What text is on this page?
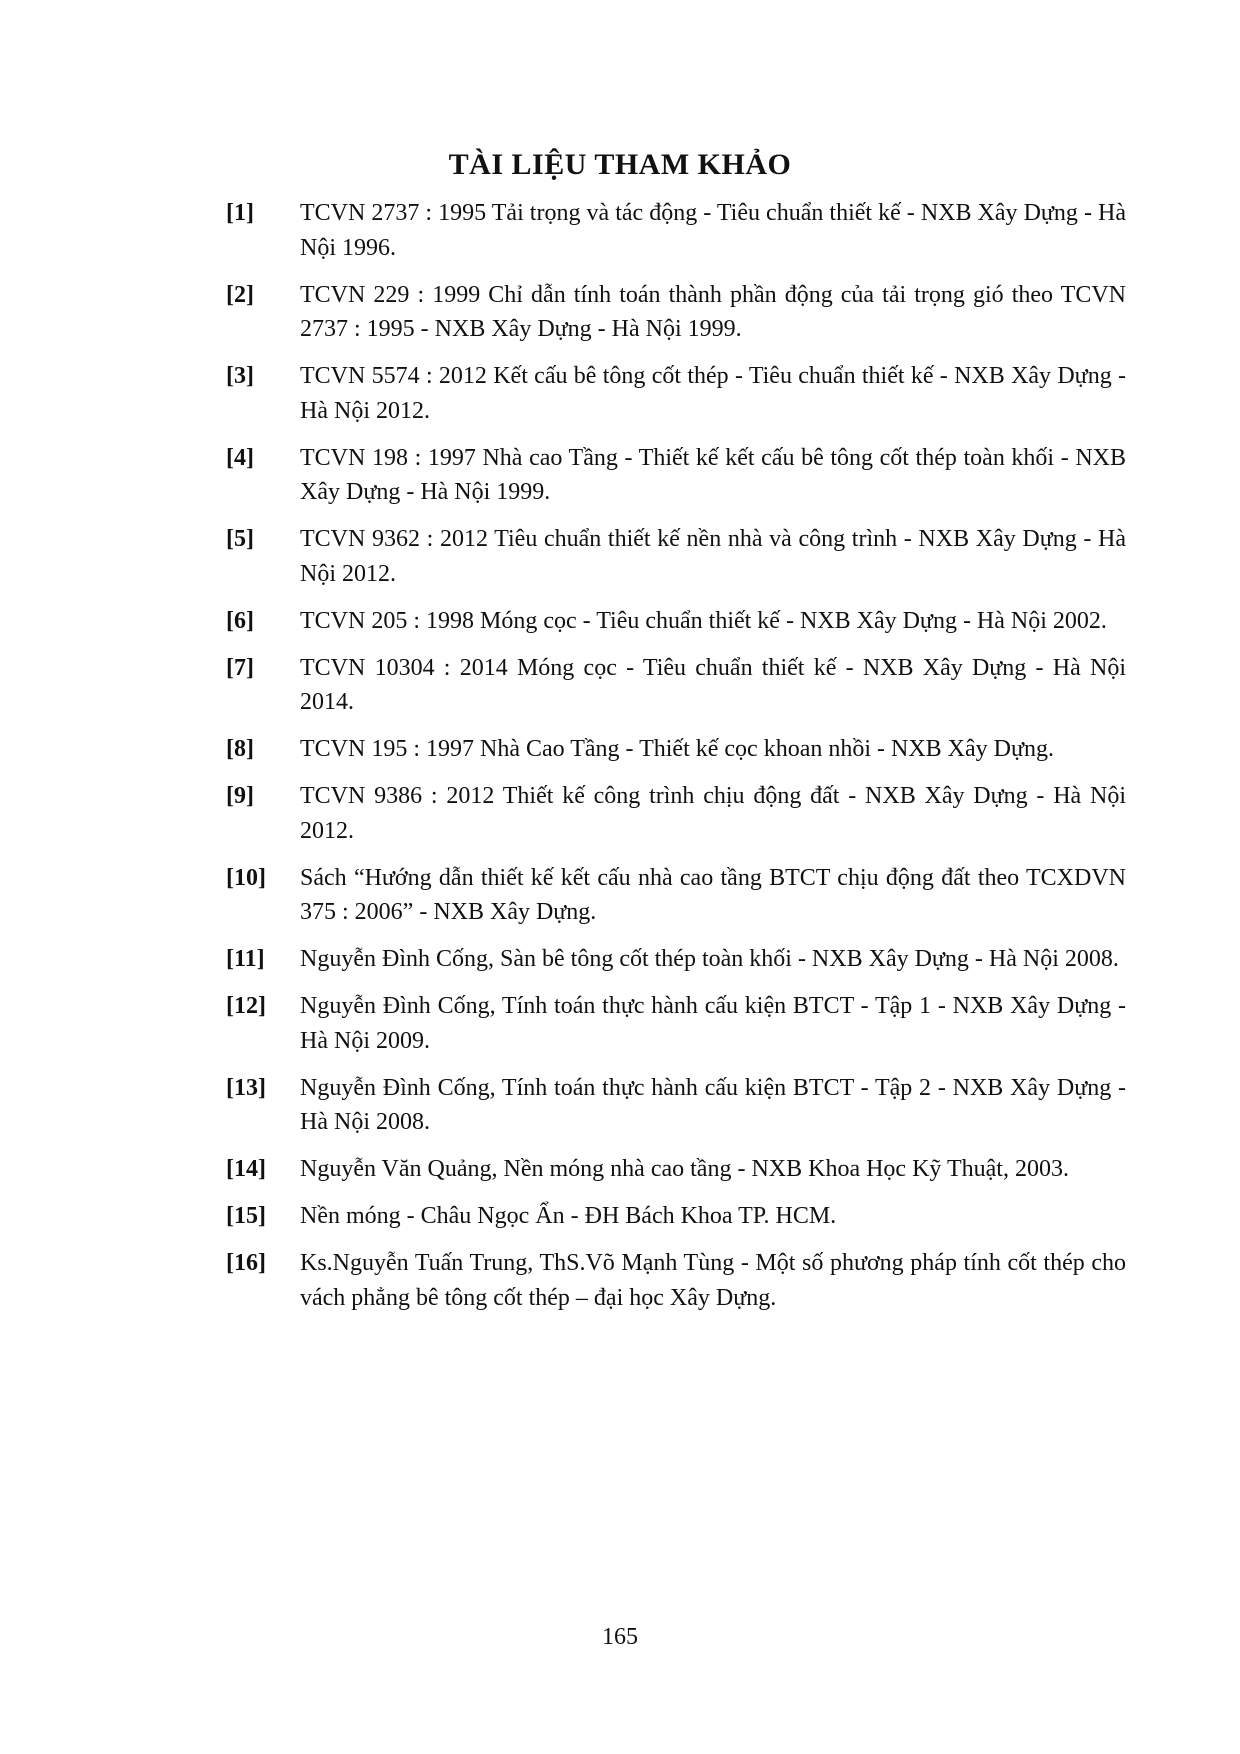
TÀI LIỆU THAM KHẢO
[1]	TCVN 2737 : 1995 Tải trọng và tác động - Tiêu chuẩn thiết kế - NXB Xây Dựng - Hà Nội 1996.
[2]	TCVN 229 : 1999 Chỉ dẫn tính toán thành phần động của tải trọng gió theo TCVN 2737 : 1995 - NXB Xây Dựng - Hà Nội 1999.
[3]	TCVN 5574 : 2012 Kết cấu bê tông cốt thép - Tiêu chuẩn thiết kế - NXB Xây Dựng - Hà Nội 2012.
[4]	TCVN 198 : 1997 Nhà cao Tầng - Thiết kế kết cấu bê tông cốt thép toàn khối - NXB Xây Dựng - Hà Nội 1999.
[5]	TCVN 9362 : 2012 Tiêu chuẩn thiết kế nền nhà và công trình - NXB Xây Dựng - Hà Nội 2012.
[6]	TCVN 205 : 1998 Móng cọc - Tiêu chuẩn thiết kế - NXB Xây Dựng - Hà Nội 2002.
[7]	TCVN 10304 : 2014 Móng cọc - Tiêu chuẩn thiết kế - NXB Xây Dựng - Hà Nội 2014.
[8]	TCVN 195 : 1997 Nhà Cao Tầng - Thiết kế cọc khoan nhồi - NXB Xây Dựng.
[9]	TCVN 9386 : 2012 Thiết kế công trình chịu động đất - NXB Xây Dựng - Hà Nội 2012.
[10]	Sách “Hướng dẫn thiết kế kết cấu nhà cao tầng BTCT chịu động đất theo TCXDVN 375 : 2006” - NXB Xây Dựng.
[11]	Nguyễn Đình Cống, Sàn bê tông cốt thép toàn khối - NXB Xây Dựng - Hà Nội 2008.
[12]	Nguyễn Đình Cống, Tính toán thực hành cấu kiện BTCT - Tập 1 - NXB Xây Dựng - Hà Nội 2009.
[13]	Nguyễn Đình Cống, Tính toán thực hành cấu kiện BTCT - Tập 2 - NXB Xây Dựng - Hà Nội 2008.
[14]	Nguyễn Văn Quảng, Nền móng nhà cao tầng - NXB Khoa Học Kỹ Thuật, 2003.
[15]	Nền móng - Châu Ngọc Ẩn - ĐH Bách Khoa TP. HCM.
[16]	Ks.Nguyễn Tuấn Trung, ThS.Võ Mạnh Tùng - Một số phương pháp tính cốt thép cho vách phẳng bê tông cốt thép – đại học Xây Dựng.
165
